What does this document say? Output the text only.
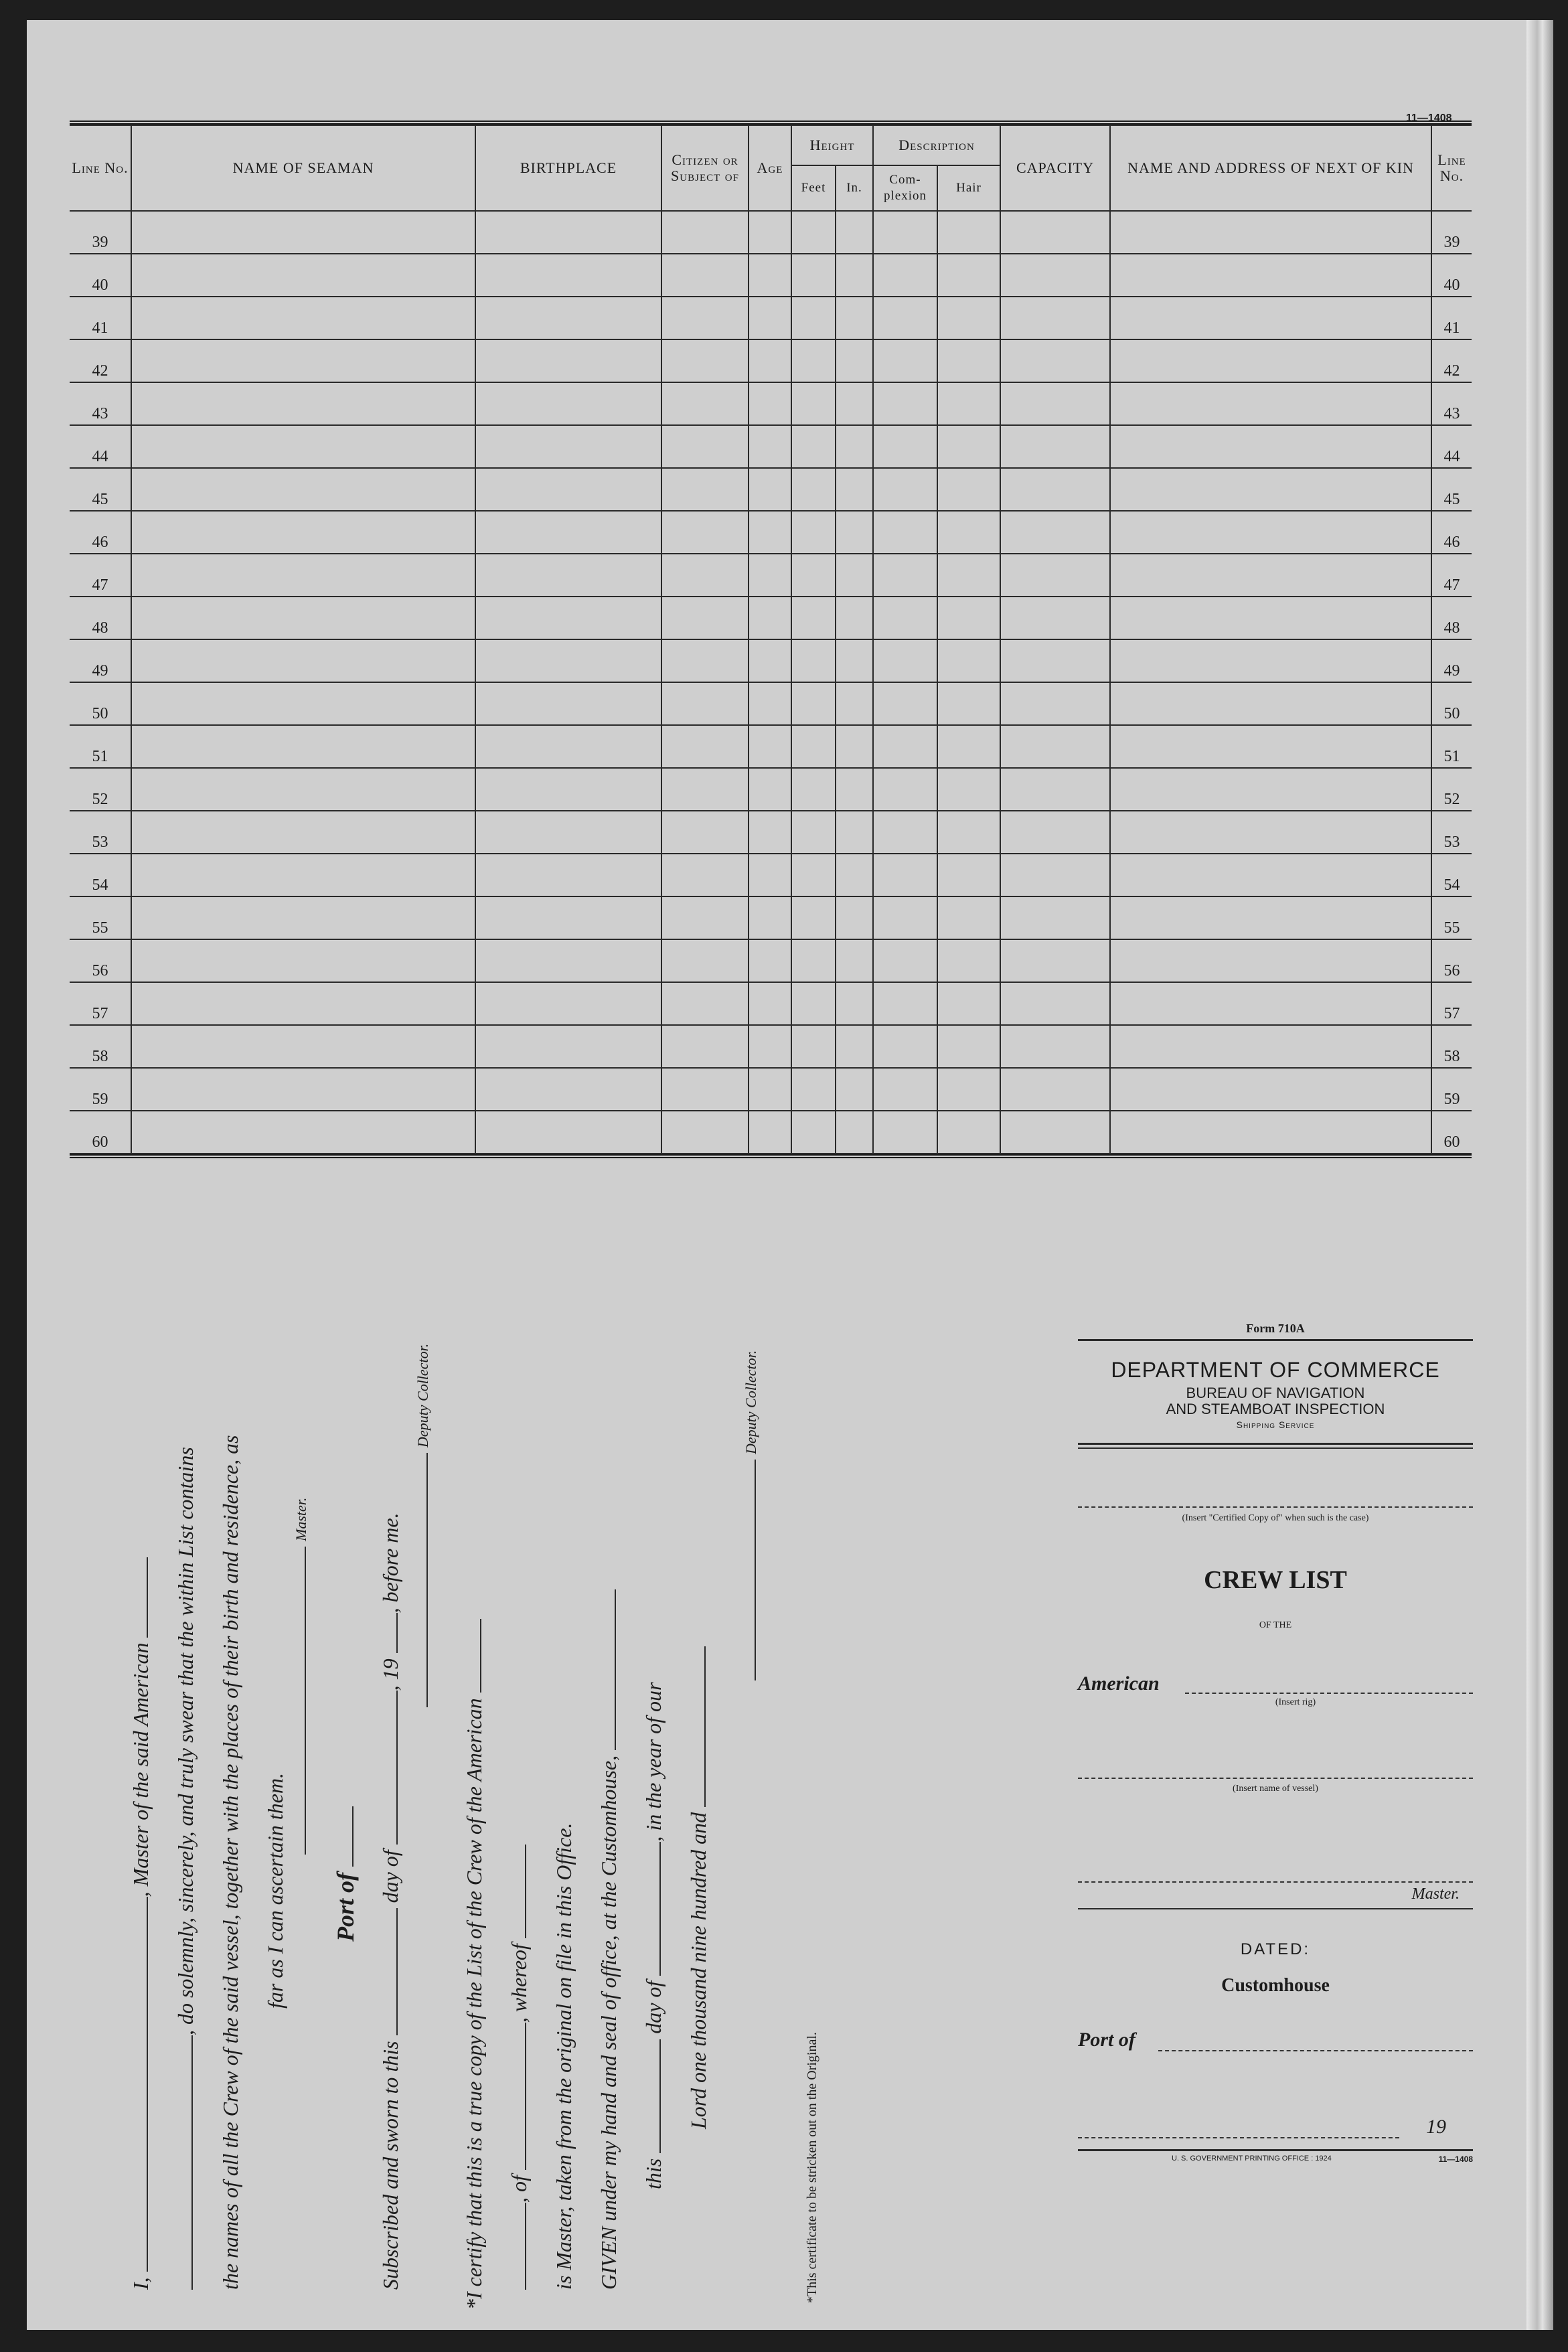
11—1408
Line No.	NAME OF SEAMAN	BIRTHPLACE	Citizen or Subject of	Age	Height		Description		CAPACITY	NAME AND ADDRESS OF NEXT OF KIN	Line No.
					Feet	In.	Com-plexion	Hair			
39											39
40											40
41											41
42											42
43											43
44											44
45											45
46											46
47											47
48											48
49											49
50											50
51											51
52											52
53											53
54											54
55											55
56											56
57											57
58											58
59											59
60											60
I, , Master of the said American , do solemnly, sincerely, and truly swear that the within List contains the names of all the Crew of the said vessel, together with the places of their birth and residence, as far as I can ascertain them.
Master.
Port of
Subscribed and sworn to this  day of , 19 , before me.
Deputy Collector.
*I certify that this is a true copy of the List of the Crew of the American , of , whereof is Master, taken from the original on file in this Office. GIVEN under my hand and seal of office, at the Customhouse, this  day of , in the year of our
Lord one thousand nine hundred and
Deputy Collector.
*This certificate to be stricken out on the Original.
Form 710A
DEPARTMENT OF COMMERCE
BUREAU OF NAVIGATION
AND STEAMBOAT INSPECTION
Shipping Service
(Insert "Certified Copy of" when such is the case)
CREW LIST
OF THE
American
(Insert rig)
(Insert name of vessel)
Master.
DATED:
Customhouse
Port of
19
U. S. GOVERNMENT PRINTING OFFICE : 1924	11—1408
